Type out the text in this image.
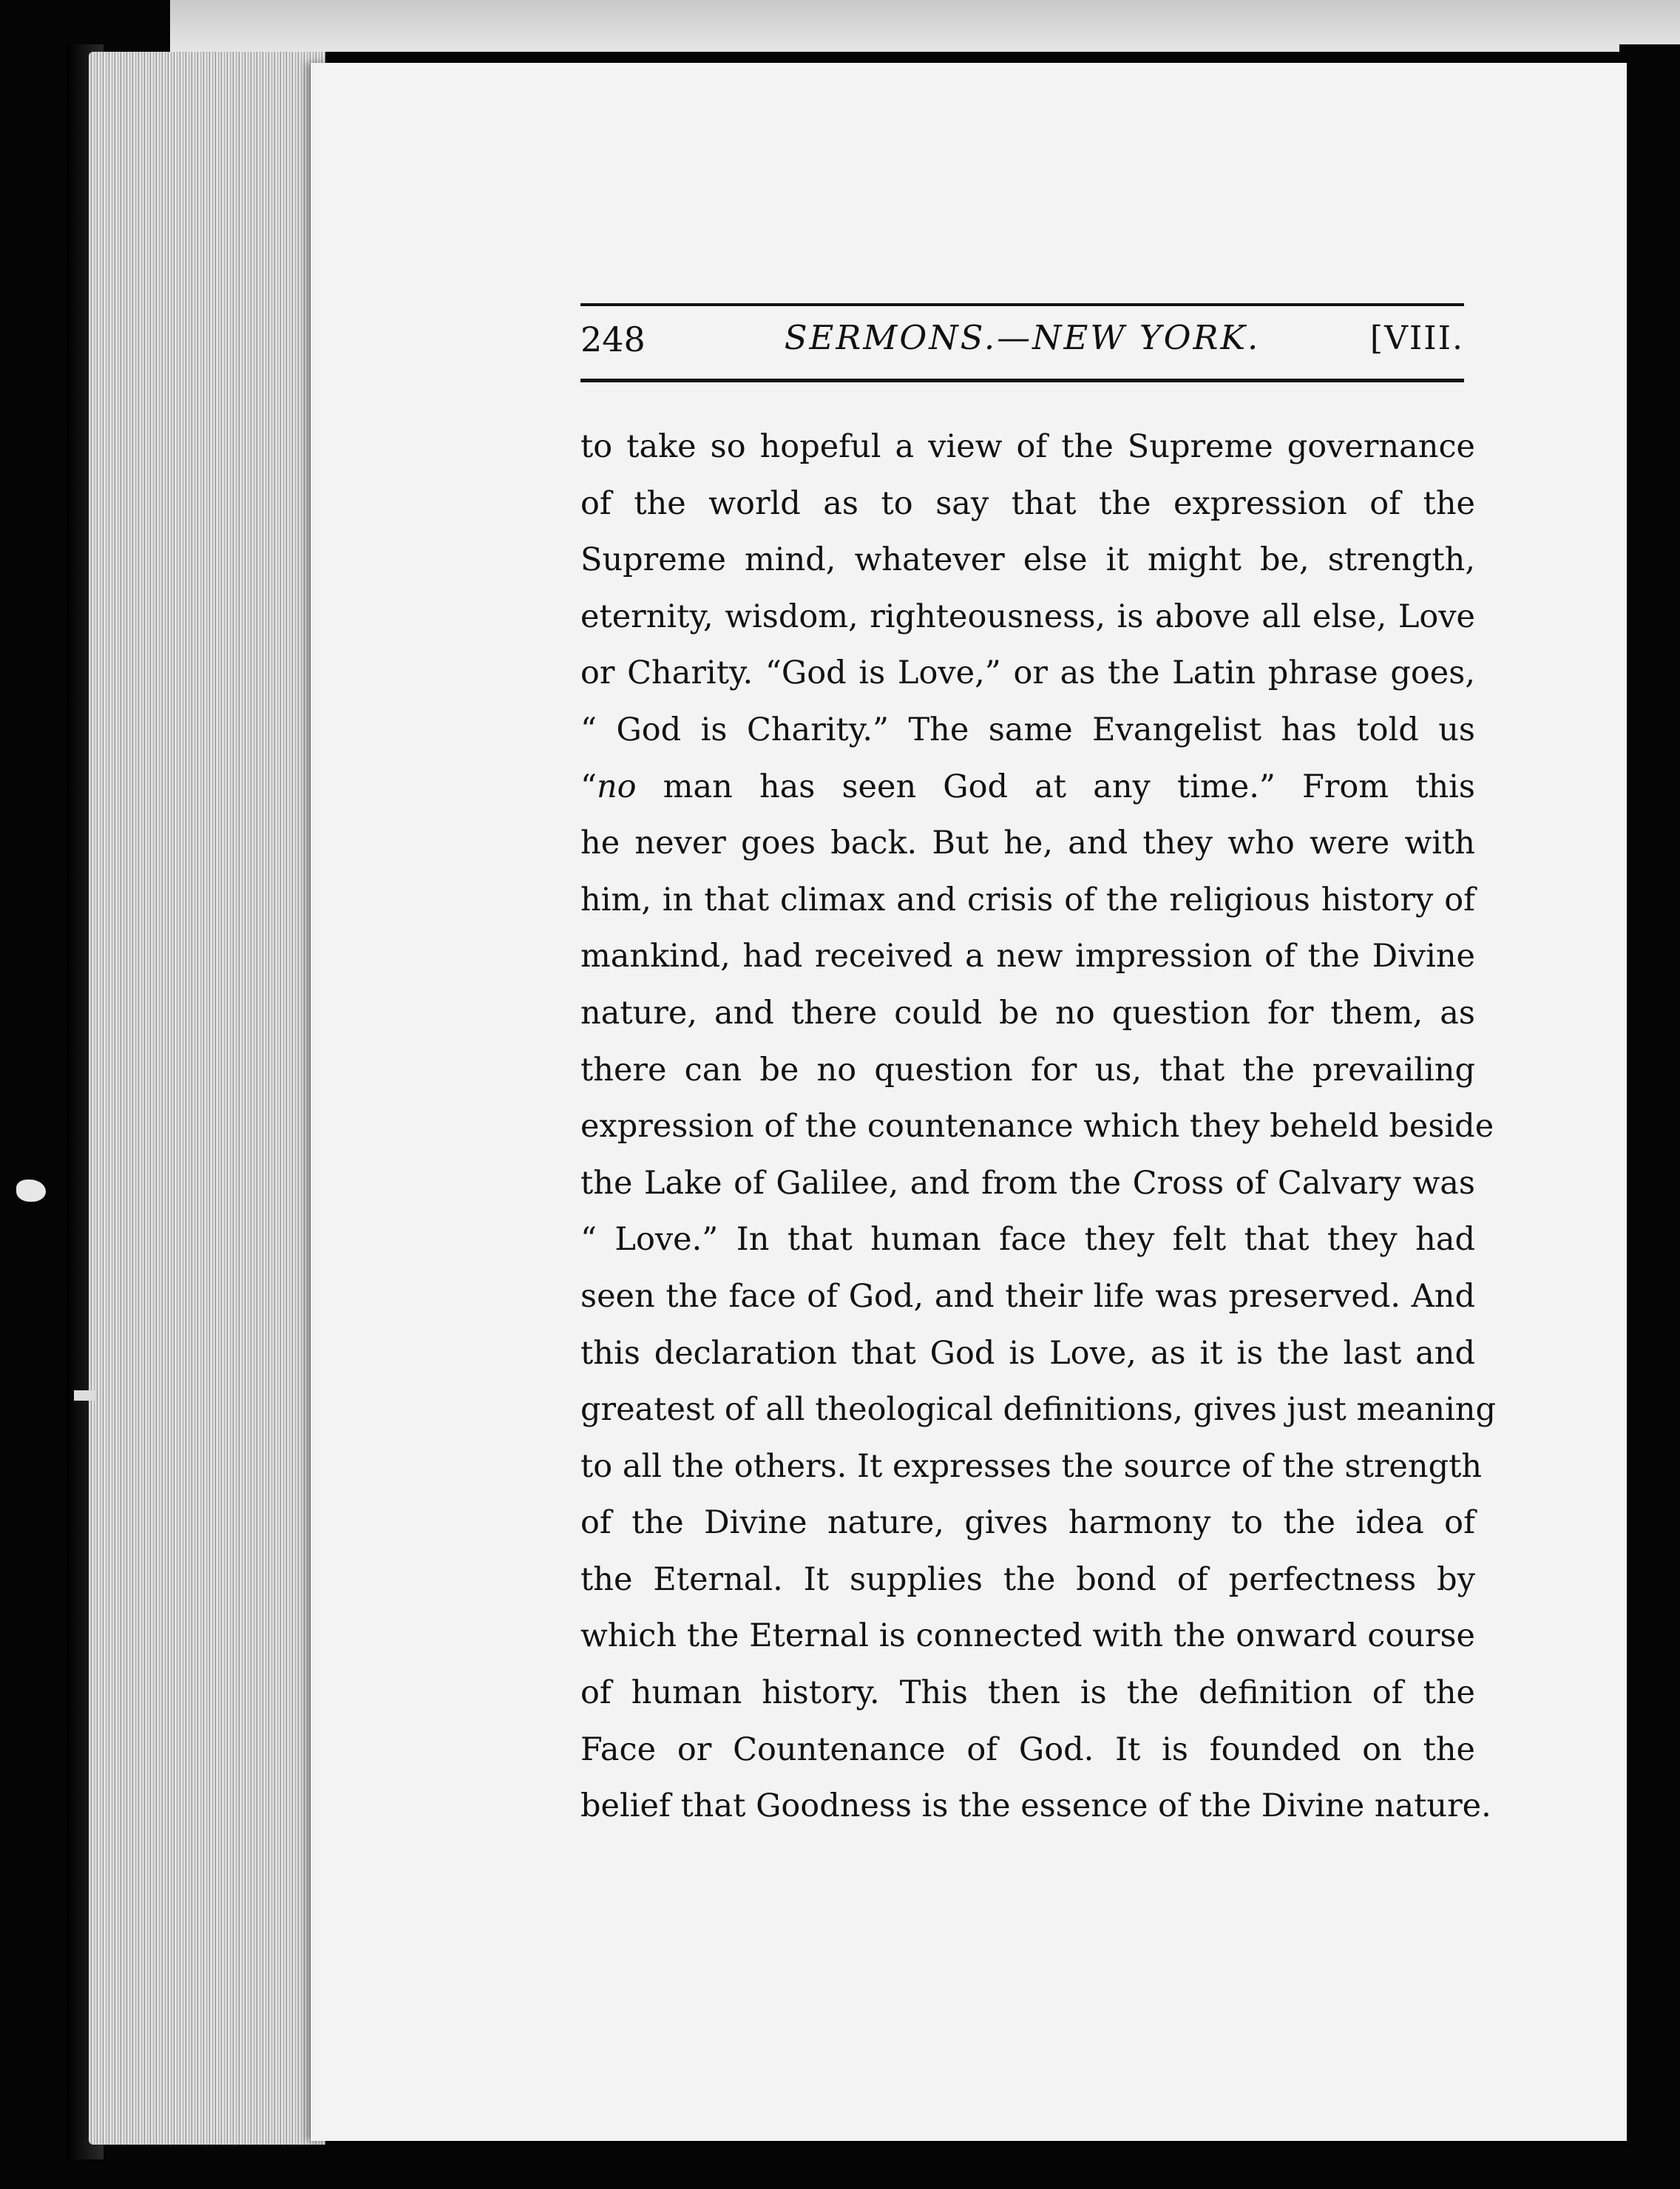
248	SERMONS.—NEW YORK.	[VIII.
to take so hopeful a view of the Supreme governance
of the world as to say that the expression of the
Supreme mind, whatever else it might be, strength,
eternity, wisdom, righteousness, is above all else, Love
or Charity. “God is Love,” or as the Latin phrase goes,
“ God is Charity.” The same Evangelist has told us
“no man has seen God at any time.” From this
he never goes back. But he, and they who were with
him, in that climax and crisis of the religious history of
mankind, had received a new impression of the Divine
nature, and there could be no question for them, as
there can be no question for us, that the prevailing
expression of the countenance which they beheld beside
the Lake of Galilee, and from the Cross of Calvary was
“ Love.” In that human face they felt that they had
seen the face of God, and their life was preserved. And
this declaration that God is Love, as it is the last and
greatest of all theological definitions, gives just meaning
to all the others. It expresses the source of the strength
of the Divine nature, gives harmony to the idea of
the Eternal. It supplies the bond of perfectness by
which the Eternal is connected with the onward course
of human history. This then is the definition of the
Face or Countenance of God. It is founded on the
belief that Goodness is the essence of the Divine nature.
